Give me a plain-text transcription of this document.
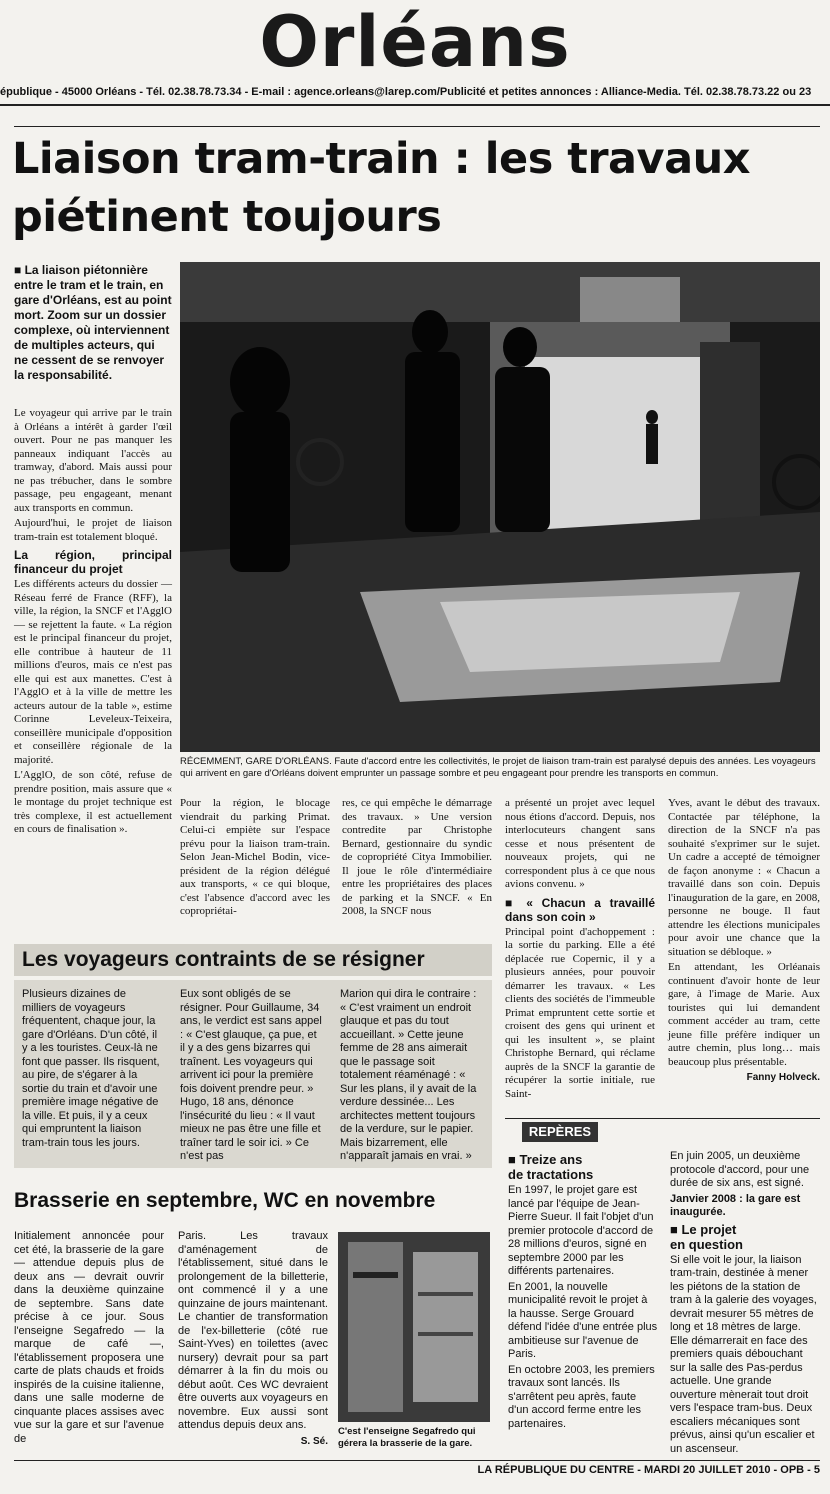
Orléans
épublique - 45000 Orléans - Tél. 02.38.78.73.34 - E-mail : agence.orleans@larep.com/Publicité et petites annonces : Alliance-Media. Tél. 02.38.78.73.22 ou 23
Liaison tram-train : les travaux
piétinent toujours
■ La liaison piétonnière entre le tram et le train, en gare d'Orléans, est au point mort. Zoom sur un dossier complexe, où interviennent de multiples acteurs, qui ne cessent de se renvoyer la responsabilité.

Le voyageur qui arrive par le train à Orléans a intérêt à garder l'œil ouvert. Pour ne pas manquer les panneaux indiquant l'accès au tramway, d'abord. Mais aussi pour ne pas trébucher, dans le sombre passage, peu engageant, menant aux transports en commun.

Aujourd'hui, le projet de liaison tram-train est totalement bloqué.

La région, principal financeur du projet

Les différents acteurs du dossier — Réseau ferré de France (RFF), la ville, la région, la SNCF et l'AgglO — se rejettent la faute. « La région est le principal financeur du projet, elle contribue à hauteur de 11 millions d'euros, mais ce n'est pas elle qui est aux manettes. C'est à l'AgglO et à la ville de mettre les acteurs autour de la table », estime Corinne Leveleux-Teixeira, conseillère municipale d'opposition et conseillère régionale de la majorité.

L'AgglO, de son côté, refuse de prendre position, mais assure que « le montage du projet technique est très complexe, il est actuellement en cours de finalisation ».

RÉCEMMENT, GARE D'ORLÉANS. Faute d'accord entre les collectivités, le projet de liaison tram-train est paralysé depuis des années. Les voyageurs qui arrivent en gare d'Orléans doivent emprunter un passage sombre et peu engageant pour prendre les transports en commun.
Pour la région, le blocage viendrait du parking Primat. Celui-ci empiète sur l'espace prévu pour la liaison tram-train. Selon Jean-Michel Bodin, vice-président de la région délégué aux transports, « ce qui bloque, c'est l'absence d'accord avec les copropriétai-
res, ce qui empêche le démarrage des travaux. » Une version contredite par Christophe Bernard, gestionnaire du syndic de copropriété Citya Immobilier. Il joue le rôle d'intermédiaire entre les propriétaires des places de parking et la SNCF. « En 2008, la SNCF nous

a présenté un projet avec lequel nous étions d'accord. Depuis, nos interlocuteurs changent sans cesse et nous présentent de nouveaux projets, qui ne correspondent plus à ce que nous avions convenu. »

■ « Chacun a travaillé dans son coin »

Principal point d'achoppement : la sortie du parking. Elle a été déplacée rue Copernic, il y a plusieurs années, pour pouvoir démarrer les travaux. « Les clients des sociétés de l'immeuble Primat empruntent cette sortie et croisent des gens qui urinent et qui les insultent », se plaint Christophe Bernard, qui réclame auprès de la SNCF la garantie de récupérer la sortie initiale, rue Saint-

Yves, avant le début des travaux. Contactée par téléphone, la direction de la SNCF n'a pas souhaité s'exprimer sur le sujet. Un cadre a accepté de témoigner de façon anonyme : « Chacun a travaillé dans son coin. Depuis l'inauguration de la gare, en 2008, personne ne bouge. Il faut attendre les élections municipales pour avoir une chance que la situation se débloque. »

En attendant, les Orléanais continuent d'avoir honte de leur gare, à l'image de Marie. Aux touristes qui lui demandent comment accéder au tram, cette jeune fille préfère indiquer un autre chemin, plus long… mais beaucoup plus présentable.

Fanny Holveck.
Les voyageurs contraints de se résigner
Plusieurs dizaines de milliers de voyageurs fréquentent, chaque jour, la gare d'Orléans. D'un côté, il y a les touristes. Ceux-là ne font que passer. Ils risquent, au pire, de s'égarer à la sortie du train et d'avoir une première image négative de la ville. Et puis, il y a ceux qui empruntent la liaison tram-train tous les jours.
Eux sont obligés de se résigner. Pour Guillaume, 34 ans, le verdict est sans appel : « C'est glauque, ça pue, et il y a des gens bizarres qui traînent. Les voyageurs qui arrivent ici pour la première fois doivent prendre peur. » Hugo, 18 ans, dénonce l'insécurité du lieu : « Il vaut mieux ne pas être une fille et traîner tard le soir ici. » Ce n'est pas
Marion qui dira le contraire : « C'est vraiment un endroit glauque et pas du tout accueillant. » Cette jeune femme de 28 ans aimerait que le passage soit totalement réaménagé : « Sur les plans, il y avait de la verdure dessinée... Les architectes mettent toujours de la verdure, sur le papier. Mais bizarrement, elle n'apparaît jamais en vrai. »
REPÈRES
■ Treize ans
de tractations

En 1997, le projet gare est lancé par l'équipe de Jean-Pierre Sueur. Il fait l'objet d'un premier protocole d'accord de 28 millions d'euros, signé en septembre 2000 par les différents partenaires.

En 2001, la nouvelle municipalité revoit le projet à la hausse. Serge Grouard défend l'idée d'une entrée plus ambitieuse sur l'avenue de Paris.

En octobre 2003, les premiers travaux sont lancés. Ils s'arrêtent peu après, faute d'un accord ferme entre les partenaires.

En juin 2005, un deuxième protocole d'accord, pour une durée de six ans, est signé.

Janvier 2008 : la gare est inaugurée.

■ Le projet
en question

Si elle voit le jour, la liaison tram-train, destinée à mener les piétons de la station de tram à la galerie des voyages, devrait mesurer 55 mètres de long et 18 mètres de large. Elle démarrerait en face des premiers quais débouchant sur la salle des Pas-perdus actuelle. Une grande ouverture mènerait tout droit vers l'espace tram-bus. Deux escaliers mécaniques sont prévus, ainsi qu'un escalier et un ascenseur.

Brasserie en septembre, WC en novembre
Initialement annoncée pour cet été, la brasserie de la gare — attendue depuis plus de deux ans — devrait ouvrir dans la deuxième quinzaine de septembre. Sans date précise à ce jour. Sous l'enseigne Segafredo — la marque de café —, l'établissement proposera une carte de plats chauds et froids inspirés de la cuisine italienne, dans une salle moderne de cinquante places assises avec vue sur la gare et sur l'avenue de

Paris. Les travaux d'aménagement de l'établissement, situé dans le prolongement de la billetterie, ont commencé il y a une quinzaine de jours maintenant. Le chantier de transformation de l'ex-billetterie (côté rue Saint-Yves) en toilettes (avec nursery) devrait pour sa part démarrer à la fin du mois ou début août. Ces WC devraient être ouverts aux voyageurs en novembre. Eux aussi sont attendus depuis deux ans.

S. Sé.
C'est l'enseigne Segafredo qui gérera la brasserie de la gare.
LA RÉPUBLIQUE DU CENTRE - MARDI 20 JUILLET 2010 - OPB - 5
